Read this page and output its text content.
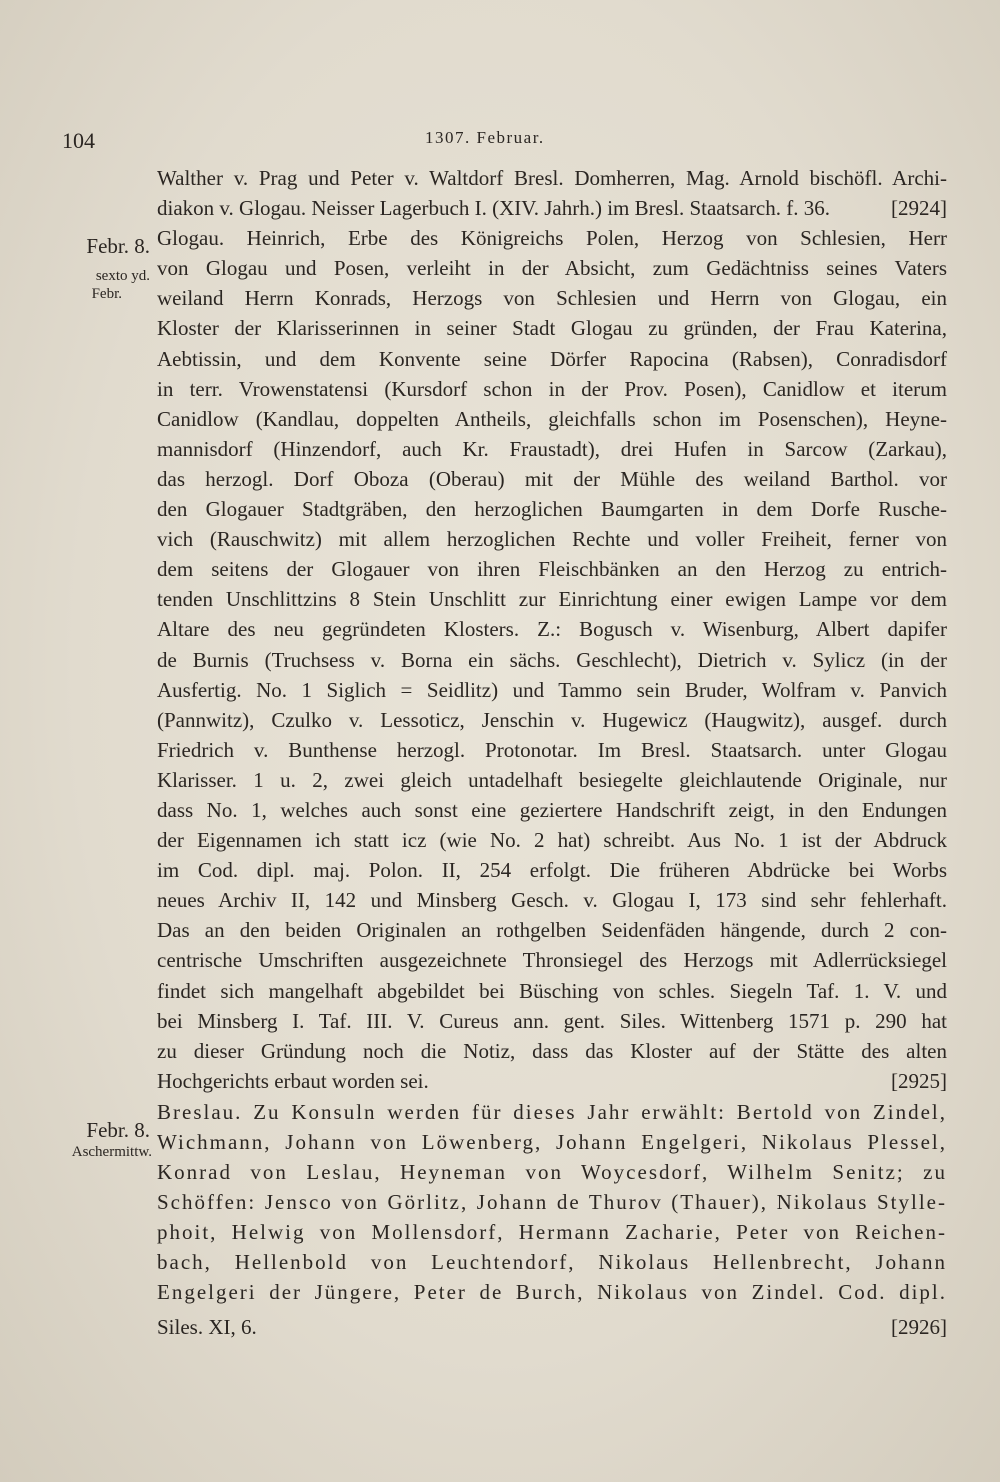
104	1307. Februar.
Febr. 8.
sexto yd.
Febr.
Febr. 8.
Aschermittw.
Walther v. Prag und Peter v. Waltdorf Bresl. Domherren, Mag. Arnold bischöfl. Archi-
diakon v. Glogau. Neisser Lagerbuch I. (XIV. Jahrh.) im Bresl. Staatsarch. f. 36.	[2924]
Glogau. Heinrich, Erbe des Königreichs Polen, Herzog von Schlesien, Herr
von Glogau und Posen, verleiht in der Absicht, zum Gedächtniss seines Vaters
weiland Herrn Konrads, Herzogs von Schlesien und Herrn von Glogau, ein
Kloster der Klarisserinnen in seiner Stadt Glogau zu gründen, der Frau Katerina,
Aebtissin, und dem Konvente seine Dörfer Rapocina (Rabsen), Conradisdorf
in terr. Vrowenstatensi (Kursdorf schon in der Prov. Posen), Canidlow et iterum
Canidlow (Kandlau, doppelten Antheils, gleichfalls schon im Posenschen), Heyne-
mannisdorf (Hinzendorf, auch Kr. Fraustadt), drei Hufen in Sarcow (Zarkau),
das herzogl. Dorf Oboza (Oberau) mit der Mühle des weiland Barthol. vor
den Glogauer Stadtgräben, den herzoglichen Baumgarten in dem Dorfe Rusche-
vich (Rauschwitz) mit allem herzoglichen Rechte und voller Freiheit, ferner von
dem seitens der Glogauer von ihren Fleischbänken an den Herzog zu entrich-
tenden Unschlittzins 8 Stein Unschlitt zur Einrichtung einer ewigen Lampe vor dem
Altare des neu gegründeten Klosters. Z.: Bogusch v. Wisenburg, Albert dapifer
de Burnis (Truchsess v. Borna ein sächs. Geschlecht), Dietrich v. Sylicz (in der
Ausfertig. No. 1 Siglich = Seidlitz) und Tammo sein Bruder, Wolfram v. Panvich
(Pannwitz), Czulko v. Lessoticz, Jenschin v. Hugewicz (Haugwitz), ausgef. durch
Friedrich v. Bunthense herzogl. Protonotar. Im Bresl. Staatsarch. unter Glogau
Klarisser. 1 u. 2, zwei gleich untadelhaft besiegelte gleichlautende Originale, nur
dass No. 1, welches auch sonst eine geziertere Handschrift zeigt, in den Endungen
der Eigennamen ich statt icz (wie No. 2 hat) schreibt. Aus No. 1 ist der Abdruck
im Cod. dipl. maj. Polon. II, 254 erfolgt. Die früheren Abdrücke bei Worbs
neues Archiv II, 142 und Minsberg Gesch. v. Glogau I, 173 sind sehr fehlerhaft.
Das an den beiden Originalen an rothgelben Seidenfäden hängende, durch 2 con-
centrische Umschriften ausgezeichnete Thronsiegel des Herzogs mit Adlerrücksiegel
findet sich mangelhaft abgebildet bei Büsching von schles. Siegeln Taf. 1. V. und
bei Minsberg I. Taf. III. V. Cureus ann. gent. Siles. Wittenberg 1571 p. 290 hat
zu dieser Gründung noch die Notiz, dass das Kloster auf der Stätte des alten
Hochgerichts erbaut worden sei.	[2925]
Breslau. Zu Konsuln werden für dieses Jahr erwählt: Bertold von Zindel,
Wichmann, Johann von Löwenberg, Johann Engelgeri, Nikolaus Plessel,
Konrad von Leslau, Heyneman von Woycesdorf, Wilhelm Senitz; zu
Schöffen: Jensco von Görlitz, Johann de Thurov (Thauer), Nikolaus Stylle-
phoit, Helwig von Mollensdorf, Hermann Zacharie, Peter von Reichen-
bach, Hellenbold von Leuchtendorf, Nikolaus Hellenbrecht, Johann
Engelgeri der Jüngere, Peter de Burch, Nikolaus von Zindel. Cod. dipl.
Siles. XI, 6.	[2926]
